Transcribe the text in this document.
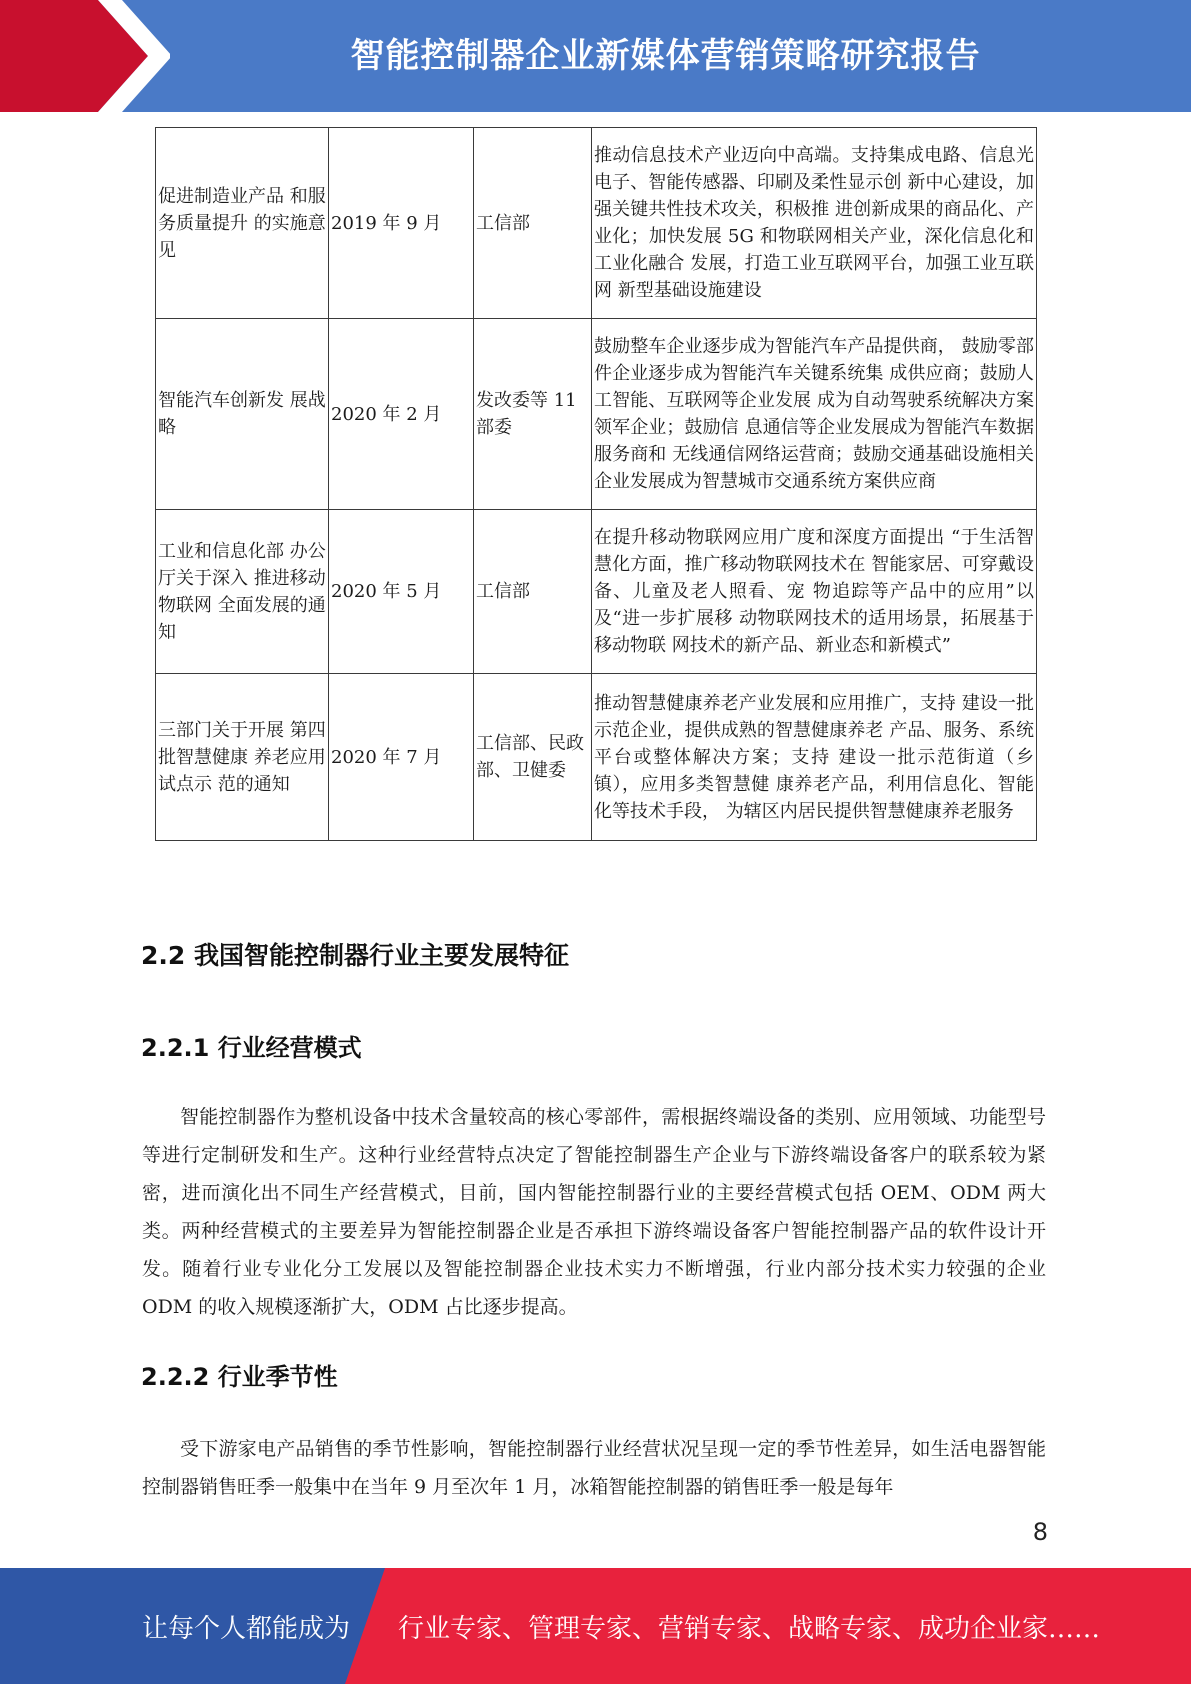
智能控制器企业新媒体营销策略研究报告
促进制造业产品 和服务质量提升 的实施意见	2019 年 9 月	工信部	推动信息技术产业迈向中高端。支持集成电路、信息光电子、智能传感器、印刷及柔性显示创 新中心建设，加强关键共性技术攻关，积极推 进创新成果的商品化、产业化；加快发展 5G 和物联网相关产业，深化信息化和工业化融合 发展，打造工业互联网平台，加强工业互联网 新型基础设施建设
智能汽车创新发 展战略	2020 年 2 月	发改委等 11 部委	鼓励整车企业逐步成为智能汽车产品提供商， 鼓励零部件企业逐步成为智能汽车关键系统集 成供应商；鼓励人工智能、互联网等企业发展 成为自动驾驶系统解决方案领军企业；鼓励信 息通信等企业发展成为智能汽车数据服务商和 无线通信网络运营商；鼓励交通基础设施相关 企业发展成为智慧城市交通系统方案供应商
工业和信息化部 办公厅关于深入 推进移动物联网 全面发展的通知	2020 年 5 月	工信部	在提升移动物联网应用广度和深度方面提出 “于生活智慧化方面，推广移动物联网技术在 智能家居、可穿戴设备、儿童及老人照看、宠 物追踪等产品中的应用”以及“进一步扩展移 动物联网技术的适用场景，拓展基于移动物联 网技术的新产品、新业态和新模式”
三部门关于开展 第四批智慧健康 养老应用试点示 范的通知	2020 年 7 月	工信部、民政部、卫健委	推动智慧健康养老产业发展和应用推广，支持 建设一批示范企业，提供成熟的智慧健康养老 产品、服务、系统平台或整体解决方案；支持 建设一批示范街道（乡镇），应用多类智慧健 康养老产品，利用信息化、智能化等技术手段， 为辖区内居民提供智慧健康养老服务
2.2 我国智能控制器行业主要发展特征
2.2.1 行业经营模式

智能控制器作为整机设备中技术含量较高的核心零部件，需根据终端设备的类别、应用领域、功能型号等进行定制研发和生产。这种行业经营特点决定了智能控制器生产企业与下游终端设备客户的联系较为紧密，进而演化出不同生产经营模式，目前，国内智能控制器行业的主要经营模式包括 OEM、ODM 两大类。两种经营模式的主要差异为智能控制器企业是否承担下游终端设备客户智能控制器产品的软件设计开发。随着行业专业化分工发展以及智能控制器企业技术实力不断增强，行业内部分技术实力较强的企业 ODM 的收入规模逐渐扩大，ODM 占比逐步提高。

2.2.2 行业季节性

受下游家电产品销售的季节性影响，智能控制器行业经营状况呈现一定的季节性差异，如生活电器智能控制器销售旺季一般集中在当年 9 月至次年 1 月，冰箱智能控制器的销售旺季一般是每年

8
让每个人都能成为 行业专家、管理专家、营销专家、战略专家、成功企业家……
